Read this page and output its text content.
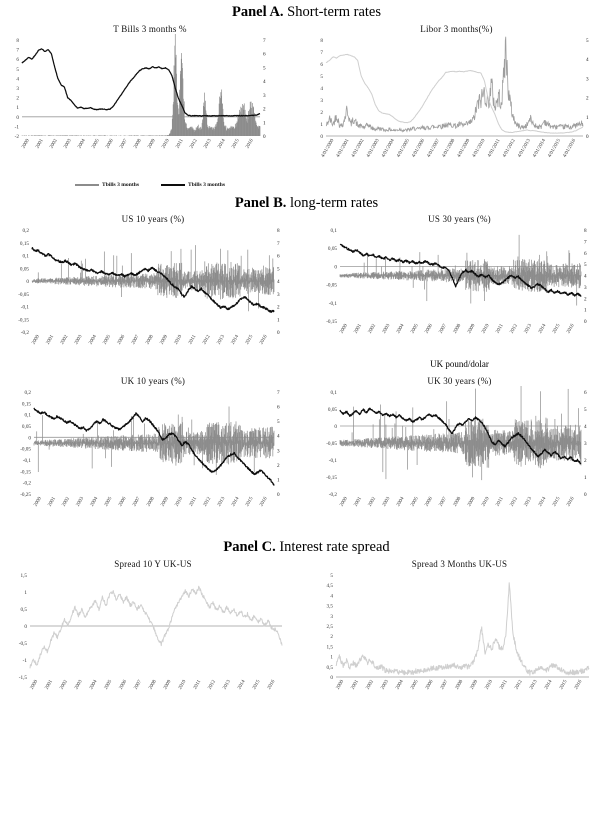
Panel A. Short-term rates
T Bills 3 months %
-2
-1
0
1
2
3
4
5
6
7
8
0
1
2
3
4
5
6
7
2000 2001 2002 2003 2004 2005 2006 2007 2008 2009 2010 2011 2012 2013 2014 2015 2016
Tbills 3 months	Tbills 3 months
Libor 3 months(%)
0
1
2
3
4
5
6
7
8
0
1
2
3
4
5
4/01/2000 4/01/2001 4/01/2002 4/01/2003 4/01/2004 4/01/2005 4/01/2006 4/01/2007 4/01/2008 4/01/2009 4/01/2010 4/01/2011 4/01/2012 4/01/2013 4/01/2014 4/01/2015 4/01/2016
Panel B. long-term rates
US 10 years (%)
0,2
0,15
0,1
0,05
0
-0,05
-0,1
-0,15
-0,2	0
1
2
3
4
5
6
7
8
2000 2001 2002 2003 2004 2005 2006 2007 2008 2009 2010 2011 2012 2013 2014 2015 2016
US 30 years (%)
0,1
0,05
0
-0,05
-0,1
-0,15	0
1
2
3
4
5
6
7
8
2000 2001 2002 2003 2004 2005 2006 2007 2008 2009 2010 2011 2012 2013 2014 2015 2016
UK pound/dolar
UK 10 years (%)
0,2
0,15
0,1
0,05
0
-0,05
-0,1
-0,15
-0,2
-0,25	0
1
2
3
4
5
6
7
2000 2001 2002 2003 2004 2005 2006 2007 2008 2009 2010 2011 2012 2013 2014 2015 2016
UK 30 years (%)
0,1
0,05
0
-0,05
-0,1
-0,15
-0,2	0
1
2
3
4
5
6
2000 2001 2002 2003 2004 2005 2006 2007 2008 2009 2010 2011 2012 2013 2014 2015 2016
Panel C. Interest rate spread
Spread 10 Y UK-US
1,5
1
0,5
0
-0,5
-1
-1,5
2000 2001 2002 2003 2004 2005 2006 2007 2008 2009 2010 2011 2012 2013 2014 2015 2016
Spread 3 Months UK-US
5
4,5
4
3,5
3
2,5
2
1,5
1
0,5
0
2000 2001 2002 2003 2004 2005 2006 2007 2008 2009 2010 2011 2012 2013 2014 2015 2016
